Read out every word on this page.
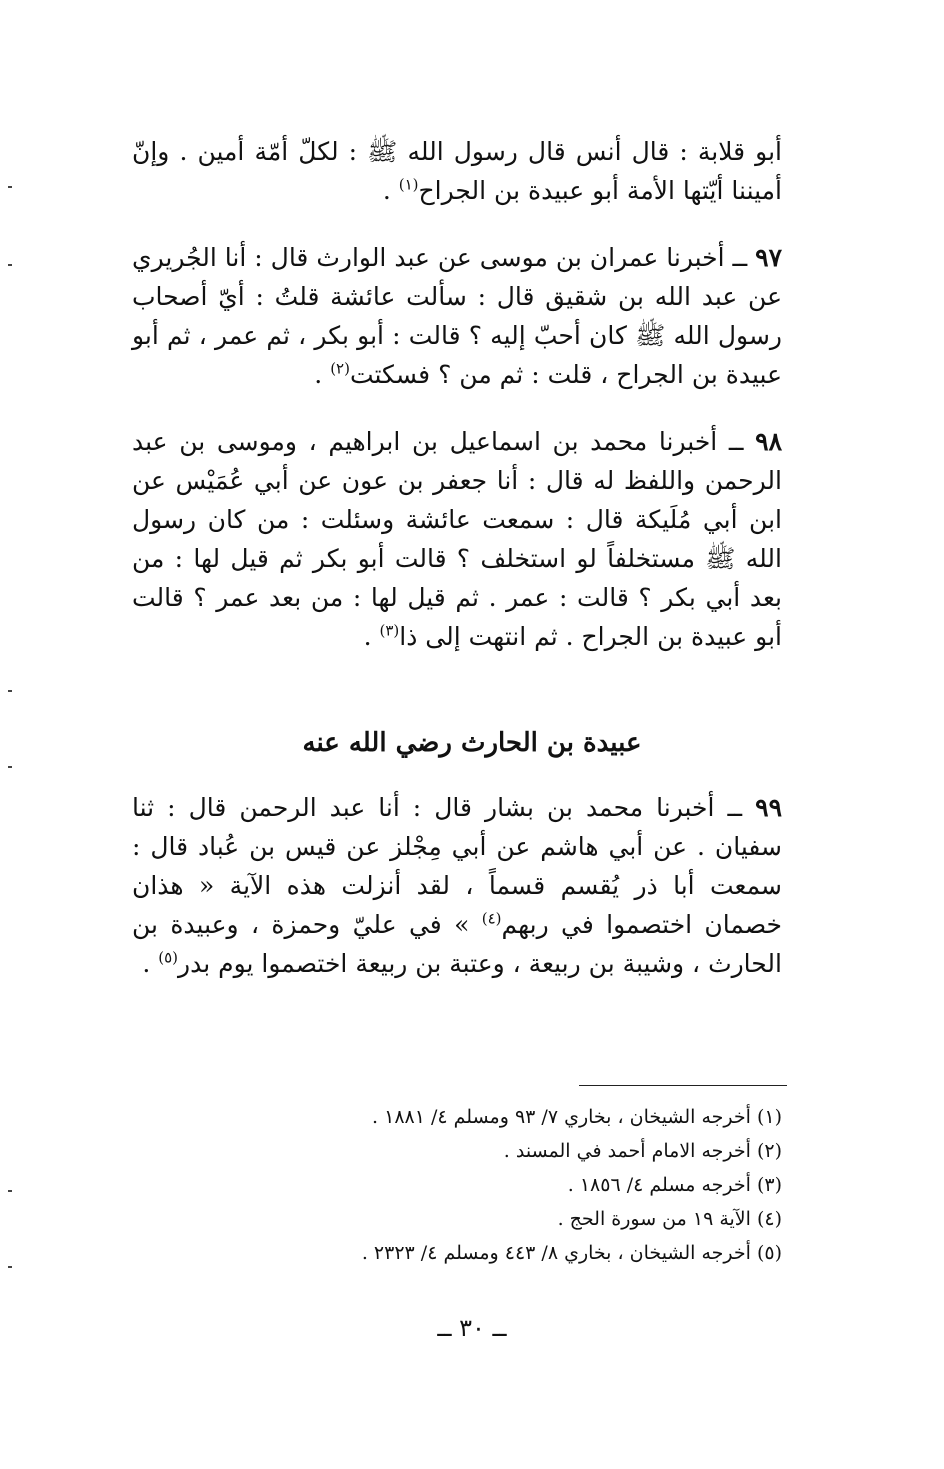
أبو قلابة : قال أنس قال رسول الله ﷺ : لكلّ أمّة أمين . وإنّ أميننا أيّتها الأمة أبو عبيدة بن الجراح$^{(١)}$ .
٩٧ ــ أخبرنا عمران بن موسى عن عبد الوارث قال : أنا الجُريري عن عبد الله بن شقيق قال : سألت عائشة قلتُ : أيّ أصحاب رسول الله ﷺ كان أحبّ إليه ؟ قالت : أبو بكر ، ثم عمر ، ثم أبو عبيدة بن الجراح ، قلت : ثم من ؟ فسكتت$^{(٢)}$ .
٩٨ ــ أخبرنا محمد بن اسماعيل بن ابراهيم ، وموسى بن عبد الرحمن واللفظ له قال : أنا جعفر بن عون عن أبي عُمَيْس عن ابن أبي مُلَيكة قال : سمعت عائشة وسئلت : من كان رسول الله ﷺ مستخلفاً لو استخلف ؟ قالت أبو بكر ثم قيل لها : من بعد أبي بكر ؟ قالت : عمر . ثم قيل لها : من بعد عمر ؟ قالت أبو عبيدة بن الجراح . ثم انتهت إلى ذا$^{(٣)}$ .
عبيدة بن الحارث رضي الله عنه
٩٩ ــ أخبرنا محمد بن بشار قال : أنا عبد الرحمن قال : ثنا سفيان . عن أبي هاشم عن أبي مِجْلز عن قيس بن عُباد قال : سمعت أبا ذر يُقسم قسماً ، لقد أنزلت هذه الآية « هذان خصمان اختصموا في ربهم$^{(٤)}$ » في عليّ وحمزة ، وعبيدة بن الحارث ، وشيبة بن ربيعة ، وعتبة بن ربيعة اختصموا يوم بدر$^{(٥)}$ .
(١)أخرجه الشيخان ، بخاري ٧/ ٩٣ ومسلم ٤/ ١٨٨١ .
(٢)أخرجه الامام أحمد في المسند .
(٣)أخرجه مسلم ٤/ ١٨٥٦ .
(٤)الآية ١٩ من سورة الحج .
(٥)أخرجه الشيخان ، بخاري ٨/ ٤٤٣ ومسلم ٤/ ٢٣٢٣ .
ــ ٣٠ ــ
